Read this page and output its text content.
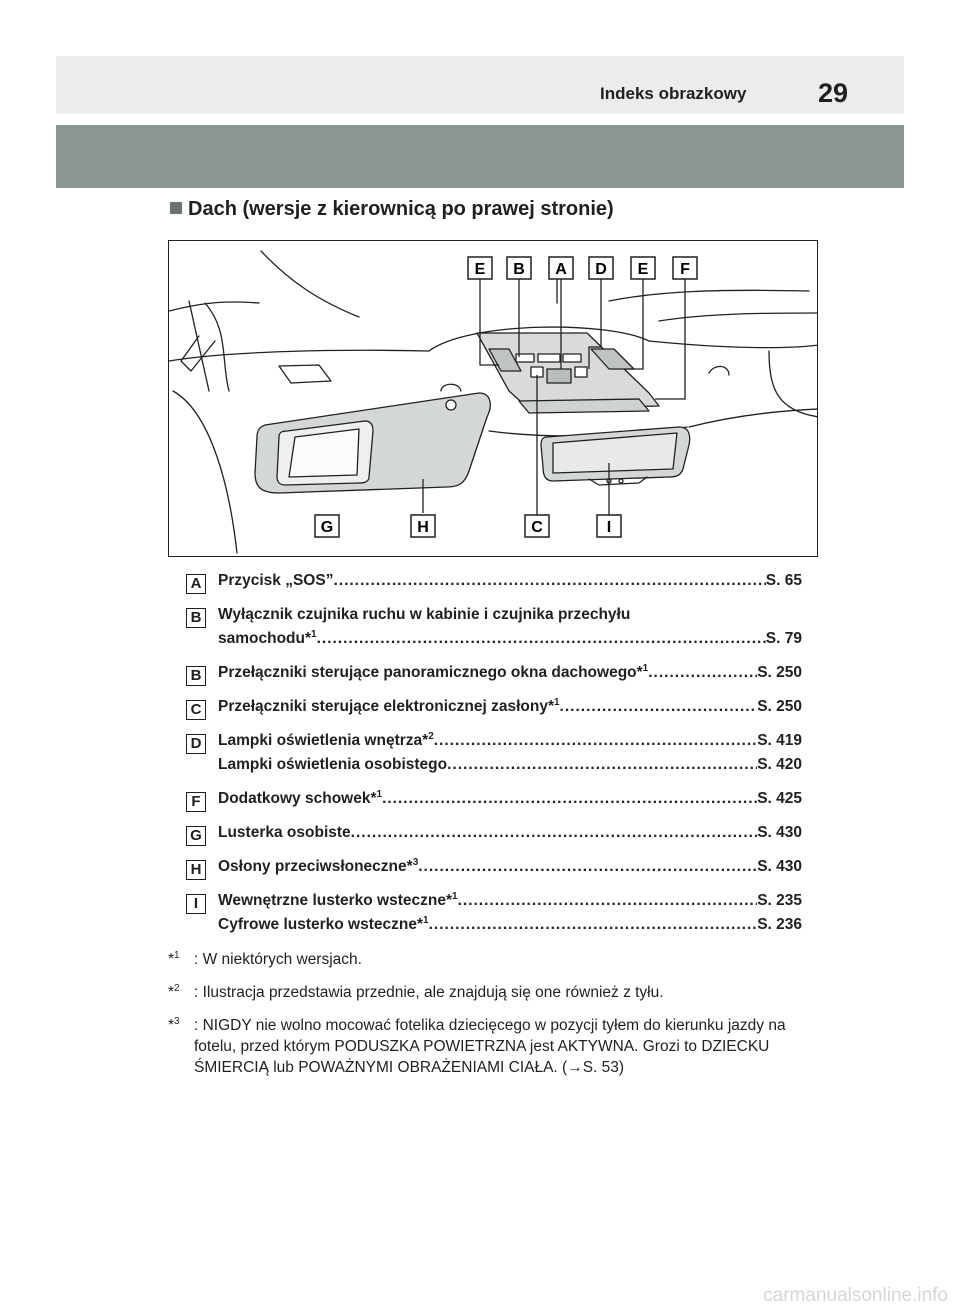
Indeks obrazkowy	29
Dach (wersje z kierownicą po prawej stronie)
E B A D E F
G	H	C	I
A Przycisk „SOS” .....	S. 65
B Wyłącznik czujnika ruchu w kabinie i czujnika przechyłu
samochodu*$^1$ .....	S. 79
B Przełączniki sterujące panoramicznego okna dachowego*$^1$ .....	S. 250
C Przełączniki sterujące elektronicznej zasłony*$^1$ .....	S. 250
D Lampki oświetlenia wnętrza*$^2$ .....	S. 419
Lampki oświetlenia osobistego .....	S. 420
F	Dodatkowy schowek*$^1$ .....	S. 425
G Lusterka osobiste .....	S. 430
H Osłony przeciwsłoneczne*$^3$ .....	S. 430
I	Wewnętrzne lusterko wsteczne*$^1$ .....	S. 235
Cyfrowe lusterko wsteczne*$^1$ .....	S. 236
*$^1$ : W niektórych wersjach.
*$^2$ : Ilustracja przedstawia przednie, ale znajdują się one również z tyłu.
*$^3$ : NIGDY nie wolno mocować fotelika dziecięcego w pozycji tyłem do kierunku jazdy na fotelu, przed którym PODUSZKA POWIETRZNA jest AKTYWNA. Grozi to DZIECKU ŚMIERCIĄ lub POWAŻNYMI OBRAŻENIAMI CIAŁA. (→S. 53)
carmanualsonline.info
